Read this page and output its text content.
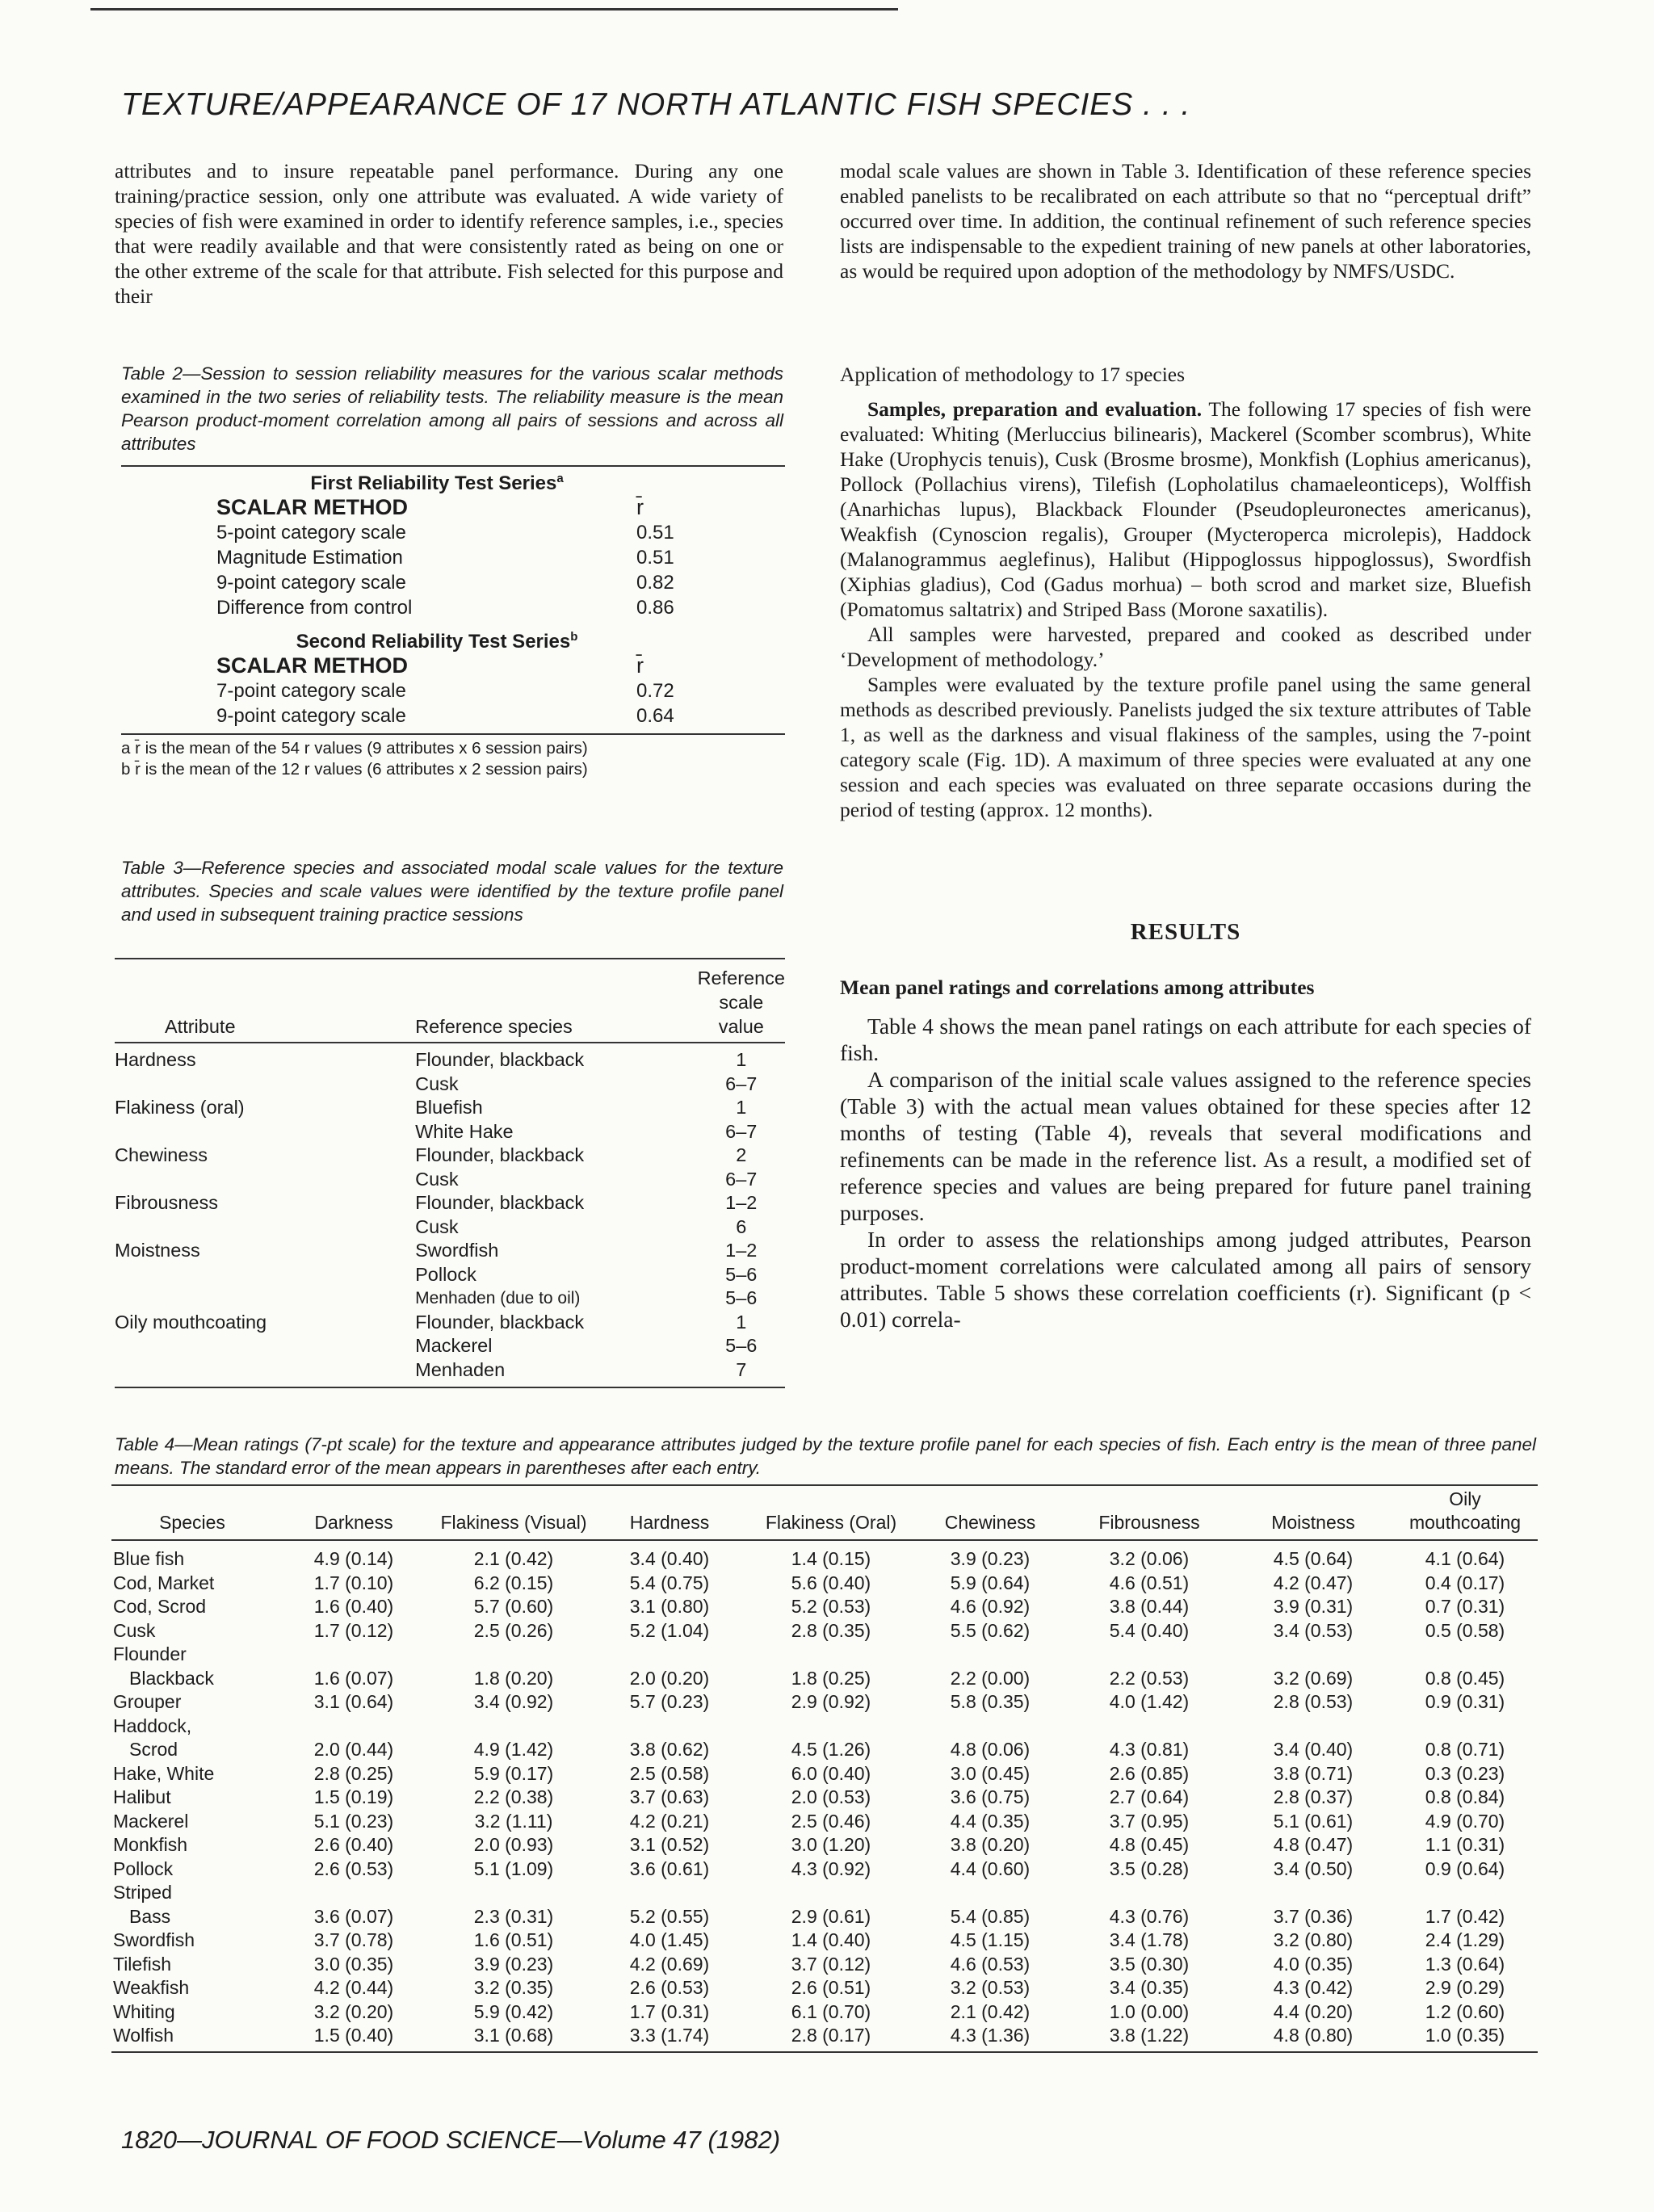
TEXTURE/APPEARANCE OF 17 NORTH ATLANTIC FISH SPECIES . . .

attributes and to insure repeatable panel performance. During any one training/practice session, only one attribute was evaluated. A wide variety of species of fish were examined in order to identify reference samples, i.e., species that were readily available and that were consistently rated as being on one or the other extreme of the scale for that attribute. Fish selected for this purpose and their

Table 2—Session to session reliability measures for the various scalar methods examined in the two series of reliability tests. The reliability measure is the mean Pearson product-moment correlation among all pairs of sessions and across all attributes
First Reliability Test Series$^a$
SCALAR METHOD	r̄
5-point category scale	0.51
Magnitude Estimation	0.51
9-point category scale	0.82
Difference from control	0.86
Second Reliability Test Series$^b$
SCALAR METHOD	r̄
7-point category scale	0.72
9-point category scale	0.64
a r̄ is the mean of the 54 r values (9 attributes x 6 session pairs)
b r̄ is the mean of the 12 r values (6 attributes x 2 session pairs)
Table 3—Reference species and associated modal scale values for the texture attributes. Species and scale values were identified by the texture profile panel and used in subsequent training practice sessions
Attribute	Reference species	Reference scale value
Hardness	Flounder, blackback	1
	Cusk	6–7
Flakiness (oral)	Bluefish	1
	White Hake	6–7
Chewiness	Flounder, blackback	2
	Cusk	6–7
Fibrousness	Flounder, blackback	1–2
	Cusk	6
Moistness	Swordfish	1–2
	Pollock	5–6
	Menhaden (due to oil)	5–6
Oily mouthcoating	Flounder, blackback	1
	Mackerel	5–6
	Menhaden	7

modal scale values are shown in Table 3. Identification of these reference species enabled panelists to be recalibrated on each attribute so that no “perceptual drift” occurred over time. In addition, the continual refinement of such reference species lists are indispensable to the expedient training of new panels at other laboratories, as would be required upon adoption of the methodology by NMFS/USDC.

Application of methodology to 17 species

Samples, preparation and evaluation. The following 17 species of fish were evaluated: Whiting (Merluccius bilinearis), Mackerel (Scomber scombrus), White Hake (Urophycis tenuis), Cusk (Brosme brosme), Monkfish (Lophius americanus), Pollock (Pollachius virens), Tilefish (Lopholatilus chamaeleonticeps), Wolffish (Anarhichas lupus), Blackback Flounder (Pseudopleuronectes americanus), Weakfish (Cynoscion regalis), Grouper (Mycteroperca microlepis), Haddock (Malanogrammus aeglefinus), Halibut (Hippoglossus hippoglossus), Swordfish (Xiphias gladius), Cod (Gadus morhua) – both scrod and market size, Bluefish (Pomatomus saltatrix) and Striped Bass (Morone saxatilis).

All samples were harvested, prepared and cooked as described under ‘Development of methodology.’

Samples were evaluated by the texture profile panel using the same general methods as described previously. Panelists judged the six texture attributes of Table 1, as well as the darkness and visual flakiness of the samples, using the 7-point category scale (Fig. 1D). A maximum of three species were evaluated at any one session and each species was evaluated on three separate occasions during the period of testing (approx. 12 months).

RESULTS
Mean panel ratings and correlations among attributes

Table 4 shows the mean panel ratings on each attribute for each species of fish.

A comparison of the initial scale values assigned to the reference species (Table 3) with the actual mean values obtained for these species after 12 months of testing (Table 4), reveals that several modifications and refinements can be made in the reference list. As a result, a modified set of reference species and values are being prepared for future panel training purposes.

In order to assess the relationships among judged attributes, Pearson product-moment correlations were calculated among all pairs of sensory attributes. Table 5 shows these correlation coefficients (r). Significant (p < 0.01) correla-

Table 4—Mean ratings (7-pt scale) for the texture and appearance attributes judged by the texture profile panel for each species of fish. Each entry is the mean of three panel means. The standard error of the mean appears in parentheses after each entry.
Species	Darkness	Flakiness (Visual)	Hardness	Flakiness (Oral)	Chewiness	Fibrousness	Moistness	Oily mouthcoating
Blue fish	4.9 (0.14)	2.1 (0.42)	3.4 (0.40)	1.4 (0.15)	3.9 (0.23)	3.2 (0.06)	4.5 (0.64)	4.1 (0.64)
Cod, Market	1.7 (0.10)	6.2 (0.15)	5.4 (0.75)	5.6 (0.40)	5.9 (0.64)	4.6 (0.51)	4.2 (0.47)	0.4 (0.17)
Cod, Scrod	1.6 (0.40)	5.7 (0.60)	3.1 (0.80)	5.2 (0.53)	4.6 (0.92)	3.8 (0.44)	3.9 (0.31)	0.7 (0.31)
Cusk	1.7 (0.12)	2.5 (0.26)	5.2 (1.04)	2.8 (0.35)	5.5 (0.62)	5.4 (0.40)	3.4 (0.53)	0.5 (0.58)
Flounder								
Blackback	1.6 (0.07)	1.8 (0.20)	2.0 (0.20)	1.8 (0.25)	2.2 (0.00)	2.2 (0.53)	3.2 (0.69)	0.8 (0.45)
Grouper	3.1 (0.64)	3.4 (0.92)	5.7 (0.23)	2.9 (0.92)	5.8 (0.35)	4.0 (1.42)	2.8 (0.53)	0.9 (0.31)
Haddock,								
Scrod	2.0 (0.44)	4.9 (1.42)	3.8 (0.62)	4.5 (1.26)	4.8 (0.06)	4.3 (0.81)	3.4 (0.40)	0.8 (0.71)
Hake, White	2.8 (0.25)	5.9 (0.17)	2.5 (0.58)	6.0 (0.40)	3.0 (0.45)	2.6 (0.85)	3.8 (0.71)	0.3 (0.23)
Halibut	1.5 (0.19)	2.2 (0.38)	3.7 (0.63)	2.0 (0.53)	3.6 (0.75)	2.7 (0.64)	2.8 (0.37)	0.8 (0.84)
Mackerel	5.1 (0.23)	3.2 (1.11)	4.2 (0.21)	2.5 (0.46)	4.4 (0.35)	3.7 (0.95)	5.1 (0.61)	4.9 (0.70)
Monkfish	2.6 (0.40)	2.0 (0.93)	3.1 (0.52)	3.0 (1.20)	3.8 (0.20)	4.8 (0.45)	4.8 (0.47)	1.1 (0.31)
Pollock	2.6 (0.53)	5.1 (1.09)	3.6 (0.61)	4.3 (0.92)	4.4 (0.60)	3.5 (0.28)	3.4 (0.50)	0.9 (0.64)
Striped								
Bass	3.6 (0.07)	2.3 (0.31)	5.2 (0.55)	2.9 (0.61)	5.4 (0.85)	4.3 (0.76)	3.7 (0.36)	1.7 (0.42)
Swordfish	3.7 (0.78)	1.6 (0.51)	4.0 (1.45)	1.4 (0.40)	4.5 (1.15)	3.4 (1.78)	3.2 (0.80)	2.4 (1.29)
Tilefish	3.0 (0.35)	3.9 (0.23)	4.2 (0.69)	3.7 (0.12)	4.6 (0.53)	3.5 (0.30)	4.0 (0.35)	1.3 (0.64)
Weakfish	4.2 (0.44)	3.2 (0.35)	2.6 (0.53)	2.6 (0.51)	3.2 (0.53)	3.4 (0.35)	4.3 (0.42)	2.9 (0.29)
Whiting	3.2 (0.20)	5.9 (0.42)	1.7 (0.31)	6.1 (0.70)	2.1 (0.42)	1.0 (0.00)	4.4 (0.20)	1.2 (0.60)
Wolfish	1.5 (0.40)	3.1 (0.68)	3.3 (1.74)	2.8 (0.17)	4.3 (1.36)	3.8 (1.22)	4.8 (0.80)	1.0 (0.35)
1820—JOURNAL OF FOOD SCIENCE—Volume 47 (1982)
